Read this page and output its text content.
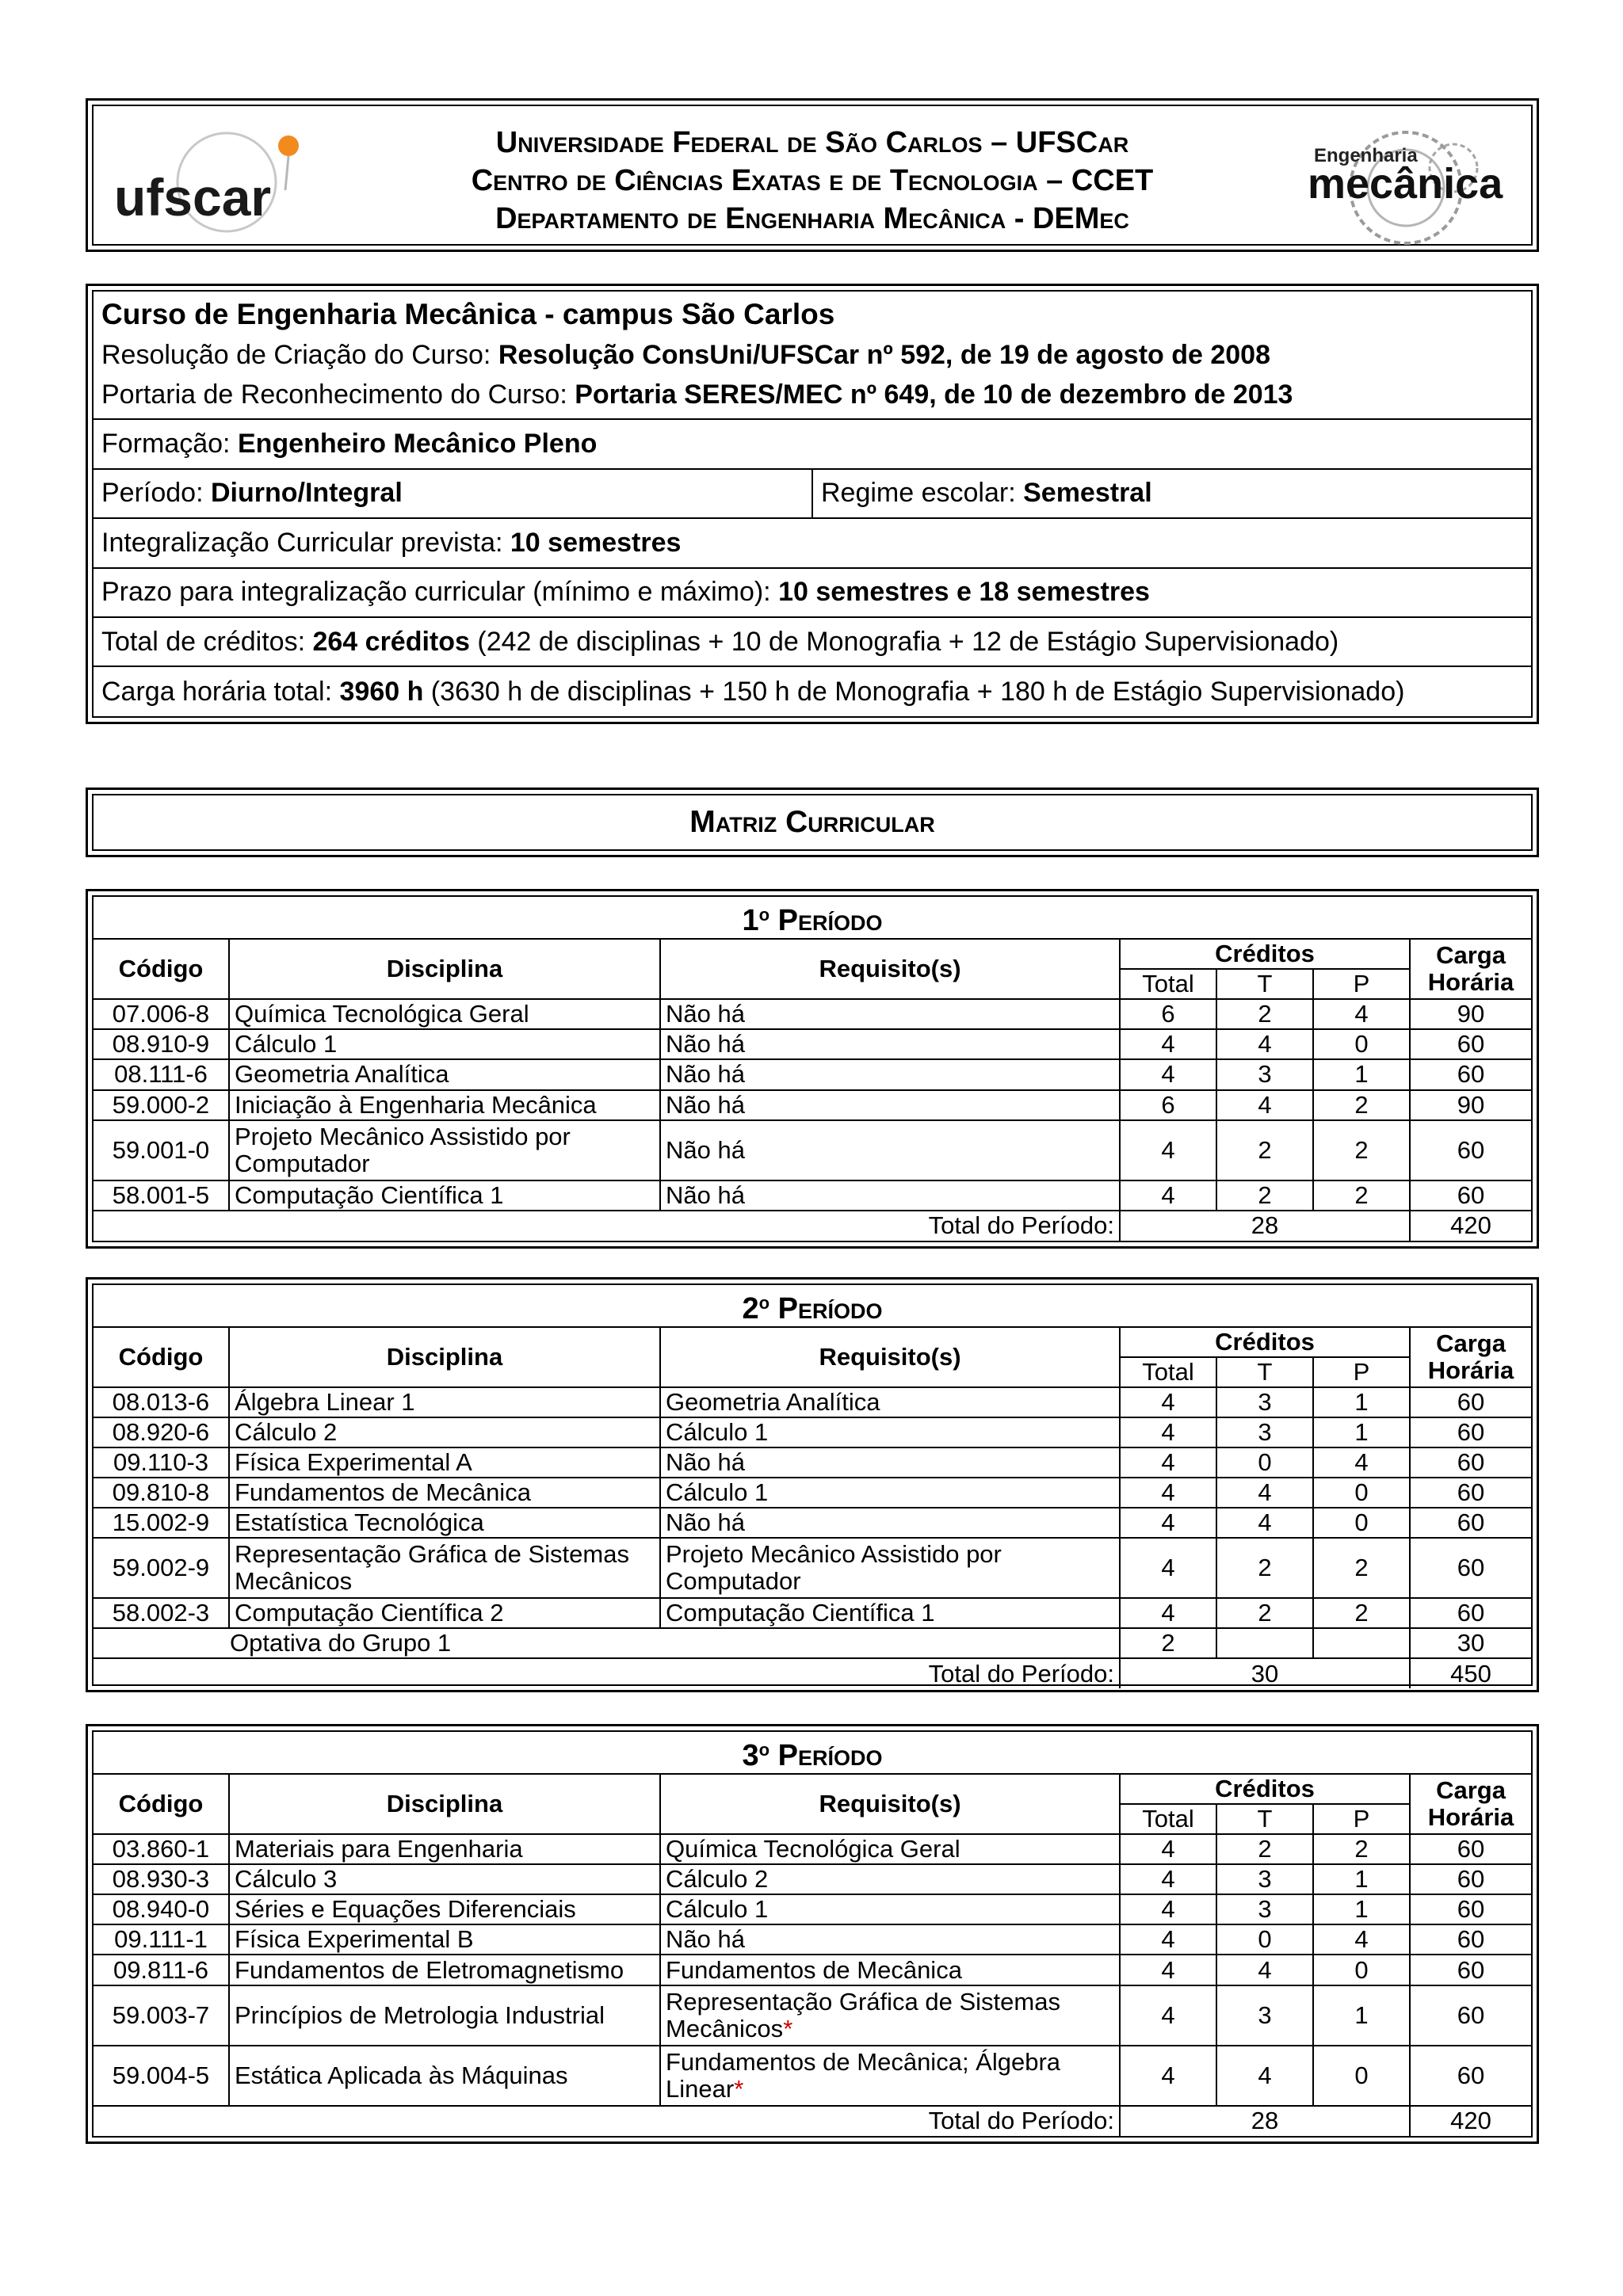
ufscar
Universidade Federal de São Carlos – UFSCar
Centro de Ciências Exatas e de Tecnologia – CCET
Departamento de Engenharia Mecânica - DEMec
Engenharia
mecânica
Curso de Engenharia Mecânica - campus São Carlos
Resolução de Criação do Curso: Resolução ConsUni/UFSCar nº 592, de 19 de agosto de 2008
Portaria de Reconhecimento do Curso: Portaria SERES/MEC nº 649, de 10 de dezembro de 2013

Formação: Engenheiro Mecânico Pleno
Período: Diurno/Integral	Regime escolar: Semestral
Integralização Curricular prevista: 10 semestres
Prazo para integralização curricular (mínimo e máximo): 10 semestres e 18 semestres
Total de créditos: 264 créditos (242 de disciplinas + 10 de Monografia + 12 de Estágio Supervisionado)
Carga horária total: 3960 h (3630 h de disciplinas + 150 h de Monografia + 180 h de Estágio Supervisionado)
Matriz Curricular
1$^o$ Período						
Código	Disciplina	Requisito(s)	Créditos			Carga
Horária
			Total	T	P	
07.006-8	Química Tecnológica Geral	Não há	6	2	4	90
08.910-9	Cálculo 1	Não há	4	4	0	60
08.111-6	Geometria Analítica	Não há	4	3	1	60
59.000-2	Iniciação à Engenharia Mecânica	Não há	6	4	2	90
59.001-0	Projeto Mecânico Assistido por Computador	Não há	4	2	2	60
58.001-5	Computação Científica 1	Não há	4	2	2	60
Total do Período:			28			420
2$^o$ Período						
Código	Disciplina	Requisito(s)	Créditos			Carga
Horária
			Total	T	P	
08.013-6	Álgebra Linear 1	Geometria Analítica	4	3	1	60
08.920-6	Cálculo 2	Cálculo 1	4	3	1	60
09.110-3	Física Experimental A	Não há	4	0	4	60
09.810-8	Fundamentos de Mecânica	Cálculo 1	4	4	0	60
15.002-9	Estatística Tecnológica	Não há	4	4	0	60
59.002-9	Representação Gráfica de Sistemas Mecânicos	Projeto Mecânico Assistido por Computador	4	2	2	60
58.002-3	Computação Científica 2	Computação Científica 1	4	2	2	60
Optativa do Grupo 1			2			30
Total do Período:			30			450
3$^o$ Período						
Código	Disciplina	Requisito(s)	Créditos			Carga
Horária
			Total	T	P	
03.860-1	Materiais para Engenharia	Química Tecnológica Geral	4	2	2	60
08.930-3	Cálculo 3	Cálculo 2	4	3	1	60
08.940-0	Séries e Equações Diferenciais	Cálculo 1	4	3	1	60
09.111-1	Física Experimental B	Não há	4	0	4	60
09.811-6	Fundamentos de Eletromagnetismo	Fundamentos de Mecânica	4	4	0	60
59.003-7	Princípios de Metrologia Industrial	Representação Gráfica de Sistemas Mecânicos*	4	3	1	60
59.004-5	Estática Aplicada às Máquinas	Fundamentos de Mecânica; Álgebra Linear*	4	4	0	60
Total do Período:			28			420
